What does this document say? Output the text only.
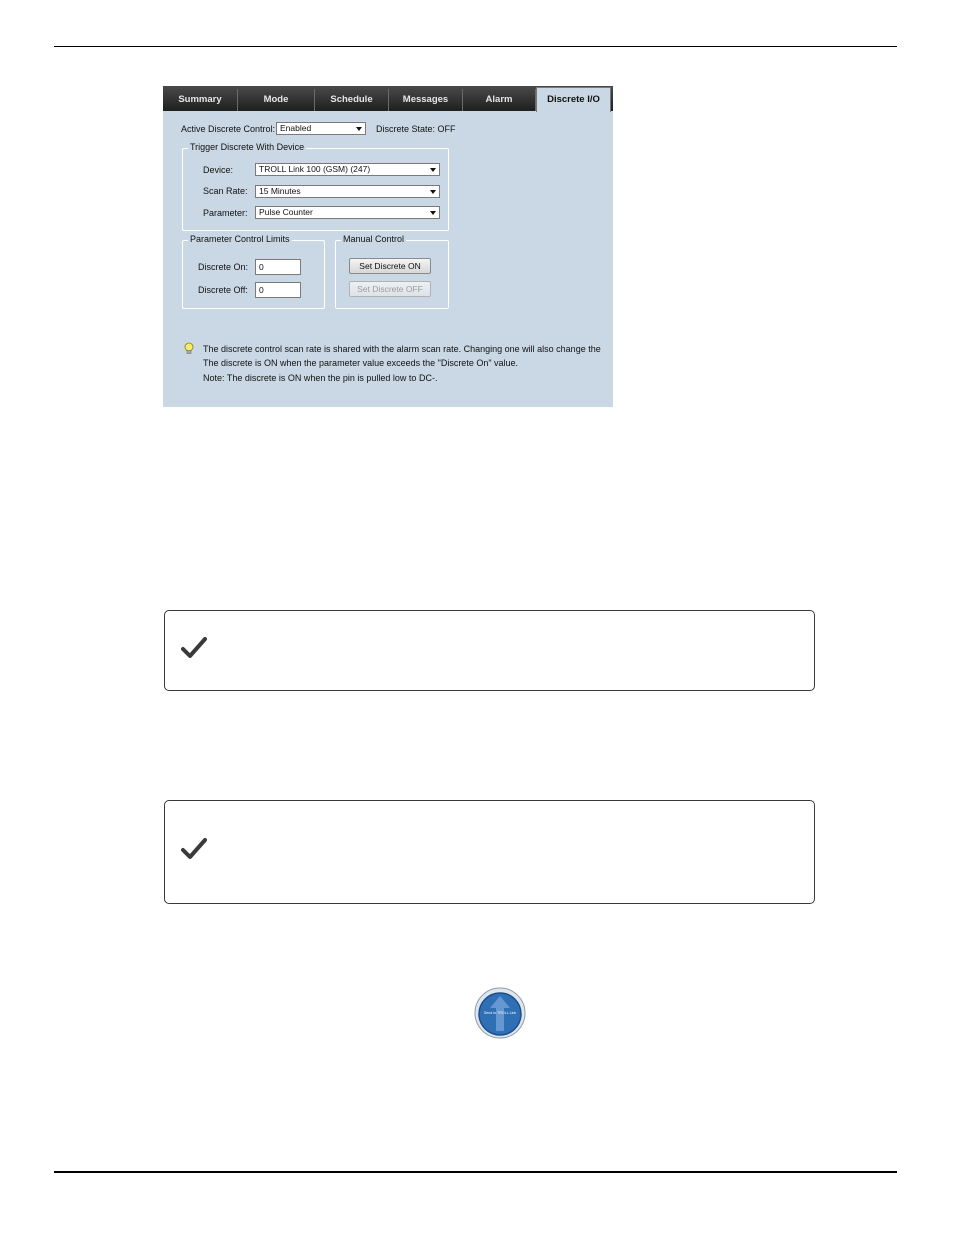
Summary	Mode	Schedule	Messages	Alarm	Discrete I/O
Active Discrete Control: Enabled	Discrete State: OFF
Trigger Discrete With Device
Device:	TROLL Link 100 (GSM) (247)
Scan Rate:	15 Minutes
Parameter:	Pulse Counter
Parameter Control Limits
Discrete On:	0
Discrete Off:	0
Manual Control
Set Discrete ON
Set Discrete OFF
The discrete control scan rate is shared with the alarm scan rate. Changing one will also change the
The discrete is ON when the parameter value exceeds the "Discrete On" value.
Note: The discrete is ON when the pin is pulled low to DC-.
Send to TROLL Link
